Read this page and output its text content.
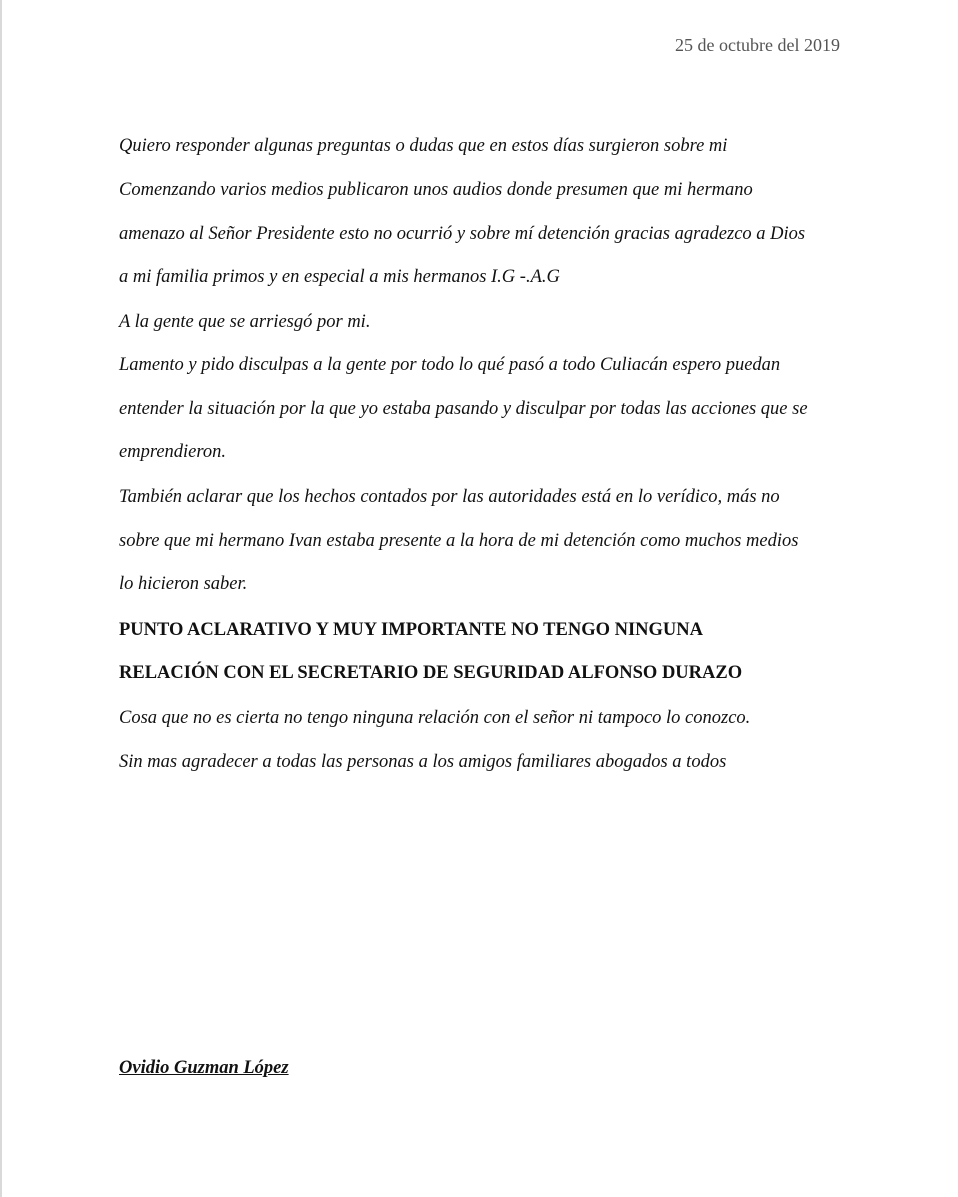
25 de octubre del 2019
Quiero responder algunas preguntas o dudas que en estos días surgieron sobre mi
Comenzando varios medios publicaron unos audios donde presumen que mi hermano
amenazo al Señor Presidente esto no ocurrió y sobre mí detención gracias agradezco a Dios
a mi familia primos y en especial a mis hermanos I.G -.A.G
A la gente que se arriesgó por mi.
Lamento y pido disculpas a la gente por todo lo qué pasó a todo Culiacán espero puedan
entender la situación por la que yo estaba pasando y disculpar por todas las acciones que se
emprendieron.
También aclarar que los hechos contados por las autoridades está en lo verídico, más no
sobre que mi hermano Ivan estaba presente a la hora de mi detención como muchos medios
lo hicieron saber.
PUNTO ACLARATIVO Y MUY IMPORTANTE NO TENGO NINGUNA
RELACIÓN CON EL SECRETARIO DE SEGURIDAD ALFONSO DURAZO
Cosa que no es cierta no tengo ninguna relación con el señor ni tampoco lo conozco.
Sin mas agradecer a todas las personas a los amigos familiares abogados a todos
Ovidio Guzman López
